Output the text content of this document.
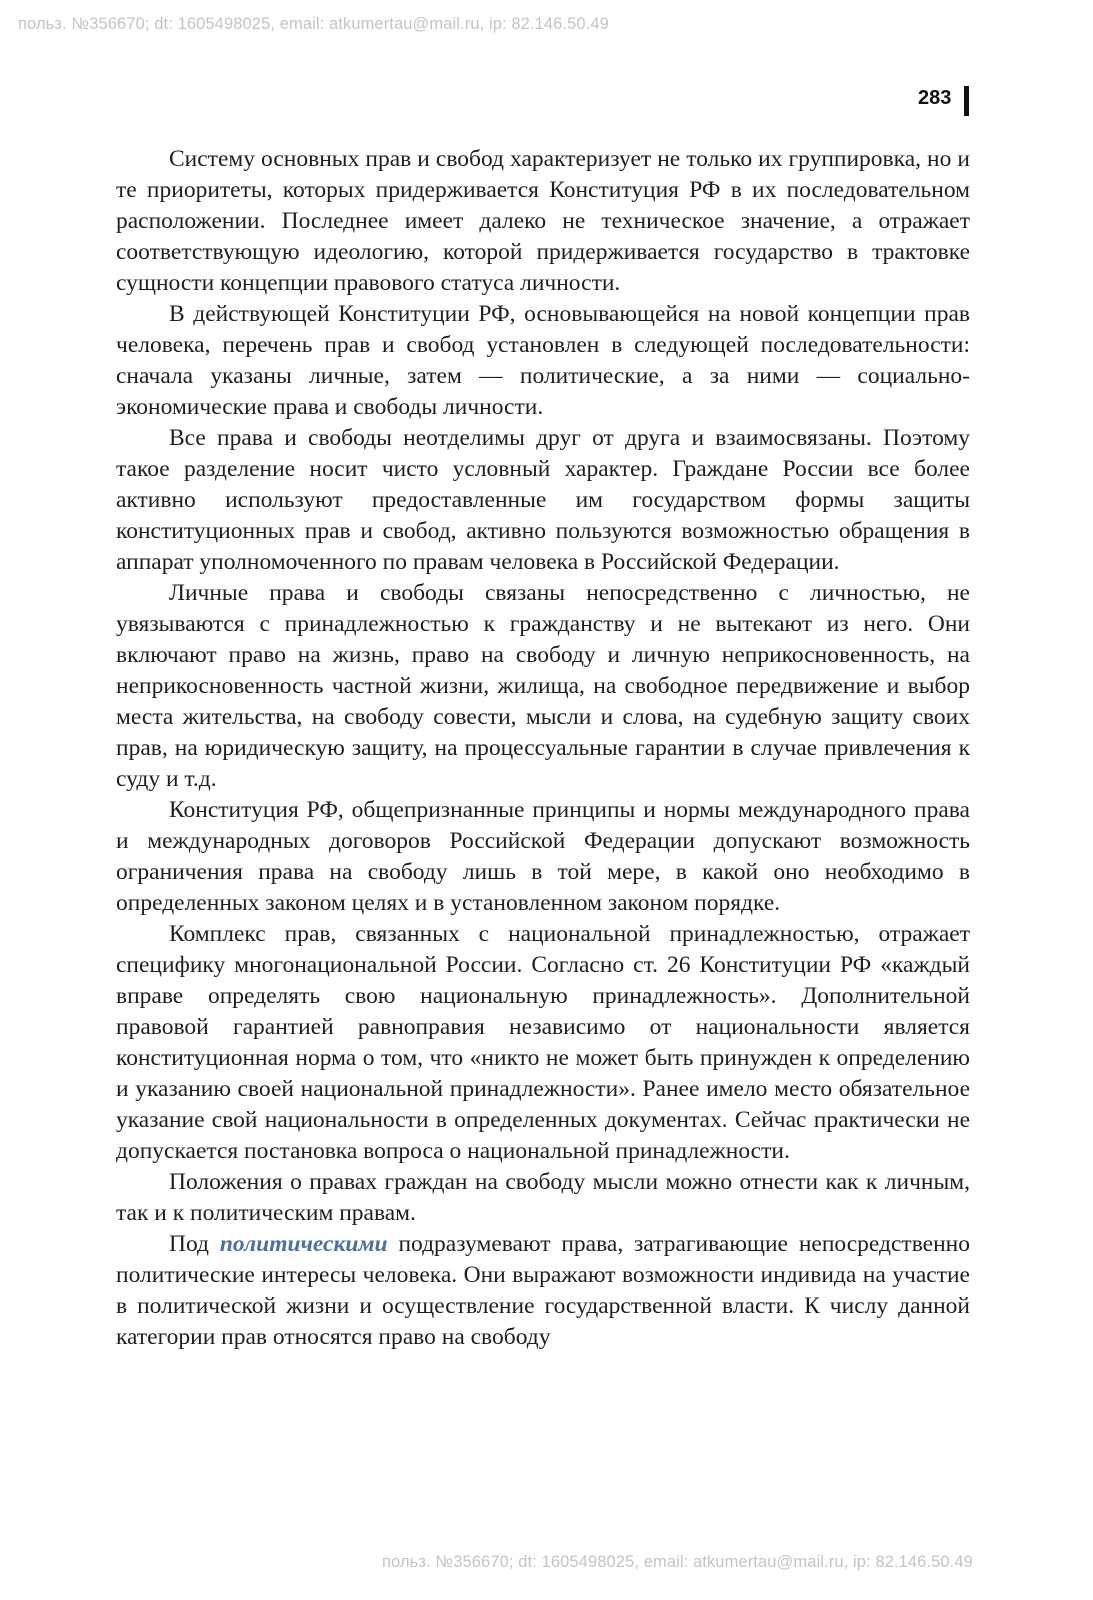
польз. №356670; dt: 1605498025, email: atkumertau@mail.ru, ip: 82.146.50.49
283

Систему основных прав и свобод характеризует не только их группировка, но и те приоритеты, которых придерживается Конституция РФ в их последовательном расположении. Последнее имеет далеко не техническое значение, а отражает соответствующую идеологию, которой придерживается государство в трактовке сущности концепции правового статуса личности.

В действующей Конституции РФ, основывающейся на новой концепции прав человека, перечень прав и свобод установлен в следующей последовательности: сначала указаны личные, затем — политические, а за ними — социально-экономические права и свободы личности.

Все права и свободы неотделимы друг от друга и взаимосвязаны. Поэтому такое разделение носит чисто условный характер. Граждане России все более активно используют предоставленные им государством формы защиты конституционных прав и свобод, активно пользуются возможностью обращения в аппарат уполномоченного по правам человека в Российской Федерации.

Личные права и свободы связаны непосредственно с личностью, не увязываются с принадлежностью к гражданству и не вытекают из него. Они включают право на жизнь, право на свободу и личную неприкосновенность, на неприкосновенность частной жизни, жилища, на свободное передвижение и выбор места жительства, на свободу совести, мысли и слова, на судебную защиту своих прав, на юридическую защиту, на процессуальные гарантии в случае привлечения к суду и т.д.

Конституция РФ, общепризнанные принципы и нормы международного права и международных договоров Российской Федерации допускают возможность ограничения права на свободу лишь в той мере, в какой оно необходимо в определенных законом целях и в установленном законом порядке.

Комплекс прав, связанных с национальной принадлежностью, отражает специфику многонациональной России. Согласно ст. 26 Конституции РФ «каждый вправе определять свою национальную принадлежность». Дополнительной правовой гарантией равноправия независимо от национальности является конституционная норма о том, что «никто не может быть принужден к определению и указанию своей национальной принадлежности». Ранее имело место обязательное указание свой национальности в определенных документах. Сейчас практически не допускается постановка вопроса о национальной принадлежности.

Положения о правах граждан на свободу мысли можно отнести как к личным, так и к политическим правам.

Под политическими подразумевают права, затрагивающие непосредственно политические интересы человека. Они выражают возможности индивида на участие в политической жизни и осуществление государственной власти. К числу данной категории прав относятся право на свободу

польз. №356670; dt: 1605498025, email: atkumertau@mail.ru, ip: 82.146.50.49
